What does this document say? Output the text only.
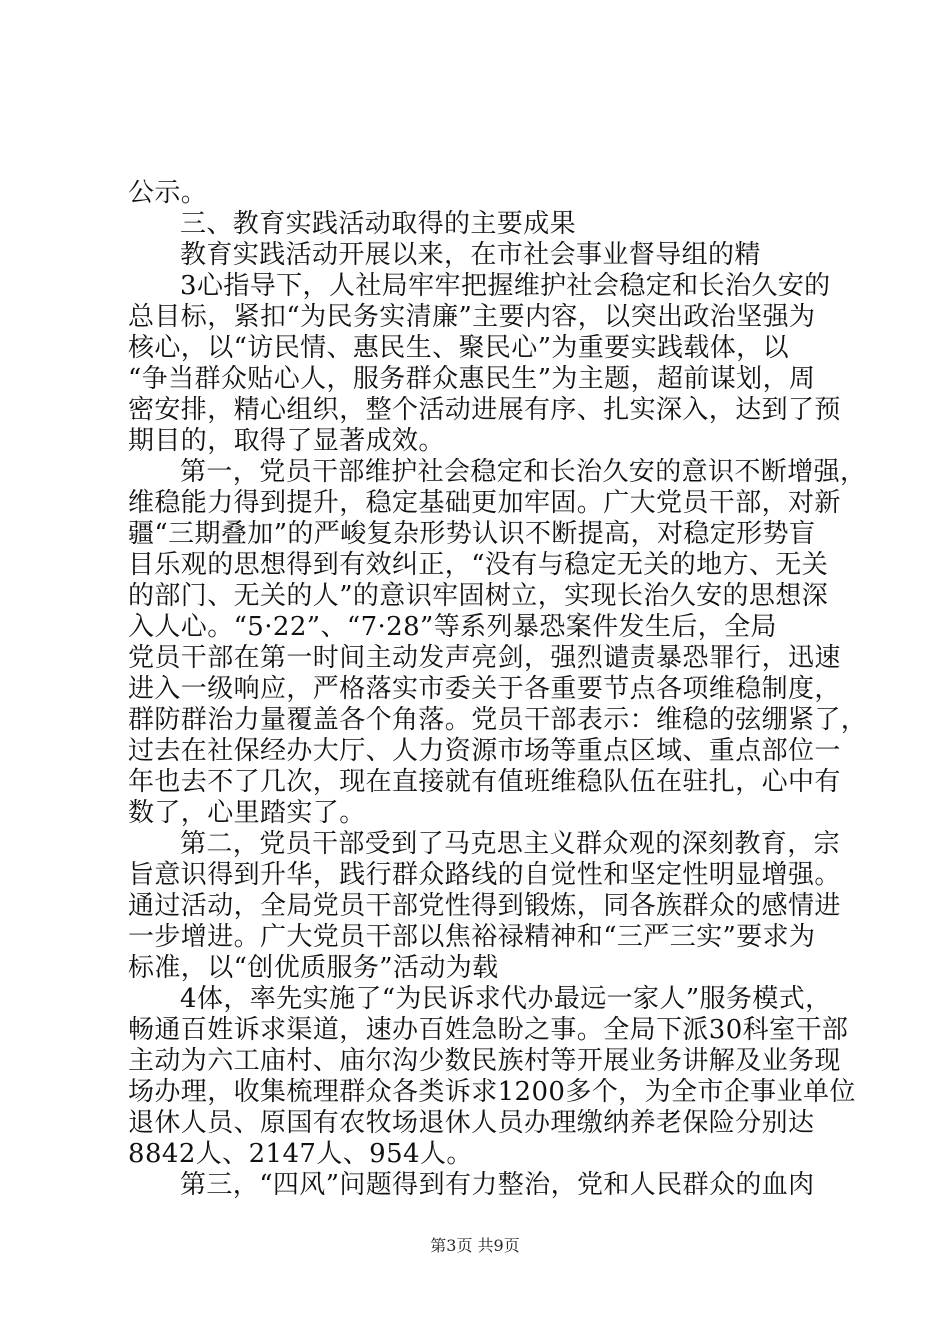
公示。
三、教育实践活动取得的主要成果
教育实践活动开展以来，在市社会事业督导组的精
3心指导下，人社局牢牢把握维护社会稳定和长治久安的
总目标，紧扣“为民务实清廉”主要内容，以突出政治坚强为
核心，以“访民情、惠民生、聚民心”为重要实践载体，以
“争当群众贴心人，服务群众惠民生”为主题，超前谋划，周
密安排，精心组织，整个活动进展有序、扎实深入，达到了预
期目的，取得了显著成效。
第一，党员干部维护社会稳定和长治久安的意识不断增强，
维稳能力得到提升，稳定基础更加牢固。广大党员干部，对新
疆“三期叠加”的严峻复杂形势认识不断提高，对稳定形势盲
目乐观的思想得到有效纠正，“没有与稳定无关的地方、无关
的部门、无关的人”的意识牢固树立，实现长治久安的思想深
入人心。“5·22”、“7·28”等系列暴恐案件发生后，全局
党员干部在第一时间主动发声亮剑，强烈谴责暴恐罪行，迅速
进入一级响应，严格落实市委关于各重要节点各项维稳制度，
群防群治力量覆盖各个角落。党员干部表示：维稳的弦绷紧了，
过去在社保经办大厅、人力资源市场等重点区域、重点部位一
年也去不了几次，现在直接就有值班维稳队伍在驻扎，心中有
数了，心里踏实了。
第二，党员干部受到了马克思主义群众观的深刻教育，宗
旨意识得到升华，践行群众路线的自觉性和坚定性明显增强。
通过活动，全局党员干部党性得到锻炼，同各族群众的感情进
一步增进。广大党员干部以焦裕禄精神和“三严三实”要求为
标准，以“创优质服务”活动为载
4体，率先实施了“为民诉求代办最远一家人”服务模式，
畅通百姓诉求渠道，速办百姓急盼之事。全局下派30科室干部
主动为六工庙村、庙尔沟少数民族村等开展业务讲解及业务现
场办理，收集梳理群众各类诉求1200多个，为全市企事业单位
退休人员、原国有农牧场退休人员办理缴纳养老保险分别达
8842人、2147人、954人。
第三，“四风”问题得到有力整治，党和人民群众的血肉
第3页 共9页
